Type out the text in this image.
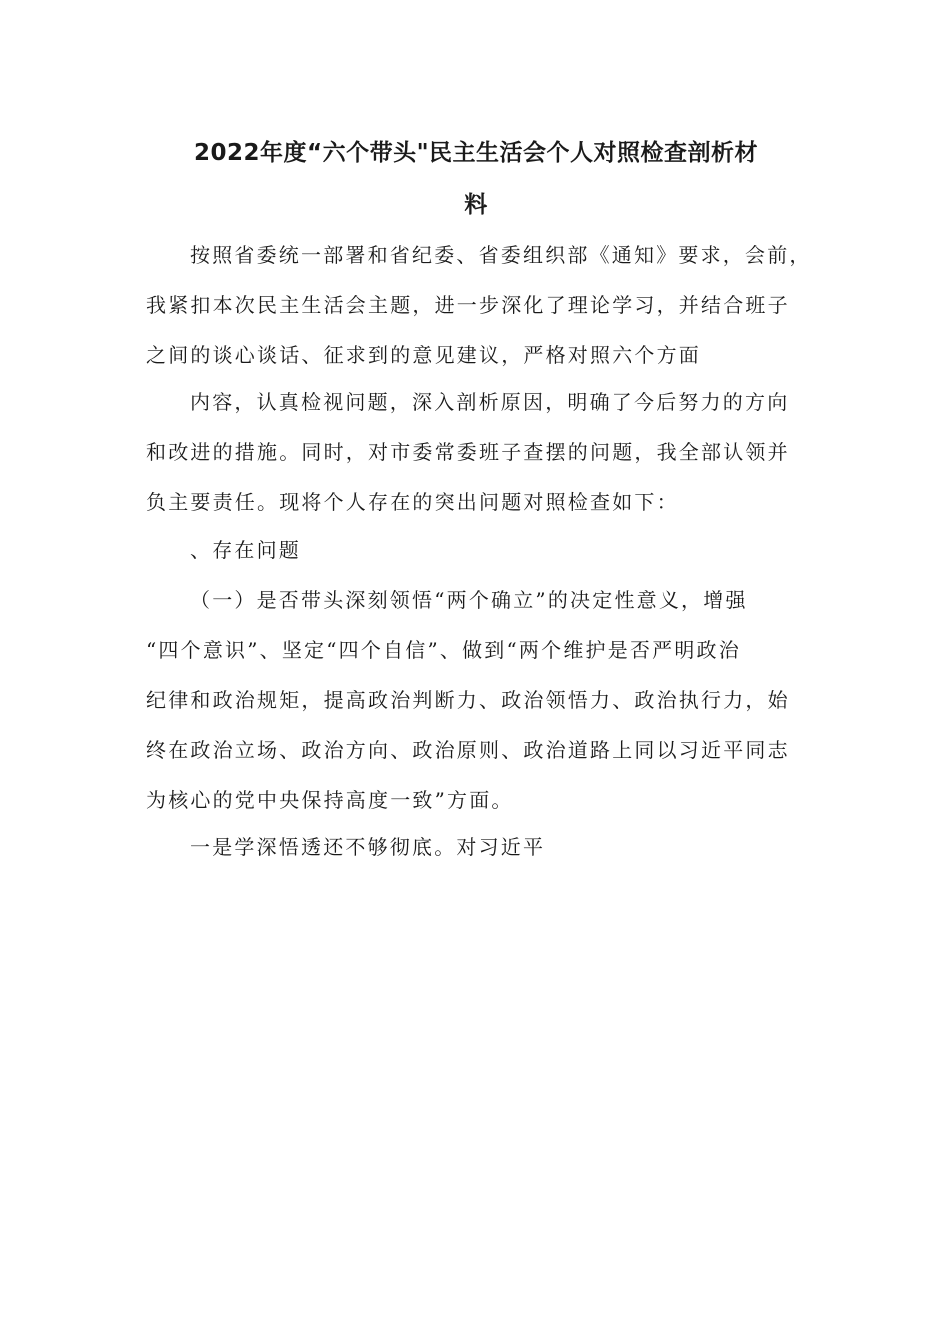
2022年度“六个带头"民主生活会个人对照检查剖析材
料
按照省委统一部署和省纪委、省委组织部《通知》要求，会前，
我紧扣本次民主生活会主题，进一步深化了理论学习，并结合班子
之间的谈心谈话、征求到的意见建议，严格对照六个方面
内容，认真检视问题，深入剖析原因，明确了今后努力的方向
和改进的措施。同时，对市委常委班子查摆的问题，我全部认领并
负主要责任。现将个人存在的突出问题对照检查如下：
、存在问题
（一）是否带头深刻领悟“两个确立”的决定性意义，增强
“四个意识”、坚定“四个自信”、做到“两个维护是否严明政治
纪律和政治规矩，提高政治判断力、政治领悟力、政治执行力，始
终在政治立场、政治方向、政治原则、政治道路上同以习近平同志
为核心的党中央保持高度一致”方面。
一是学深悟透还不够彻底。对习近平
